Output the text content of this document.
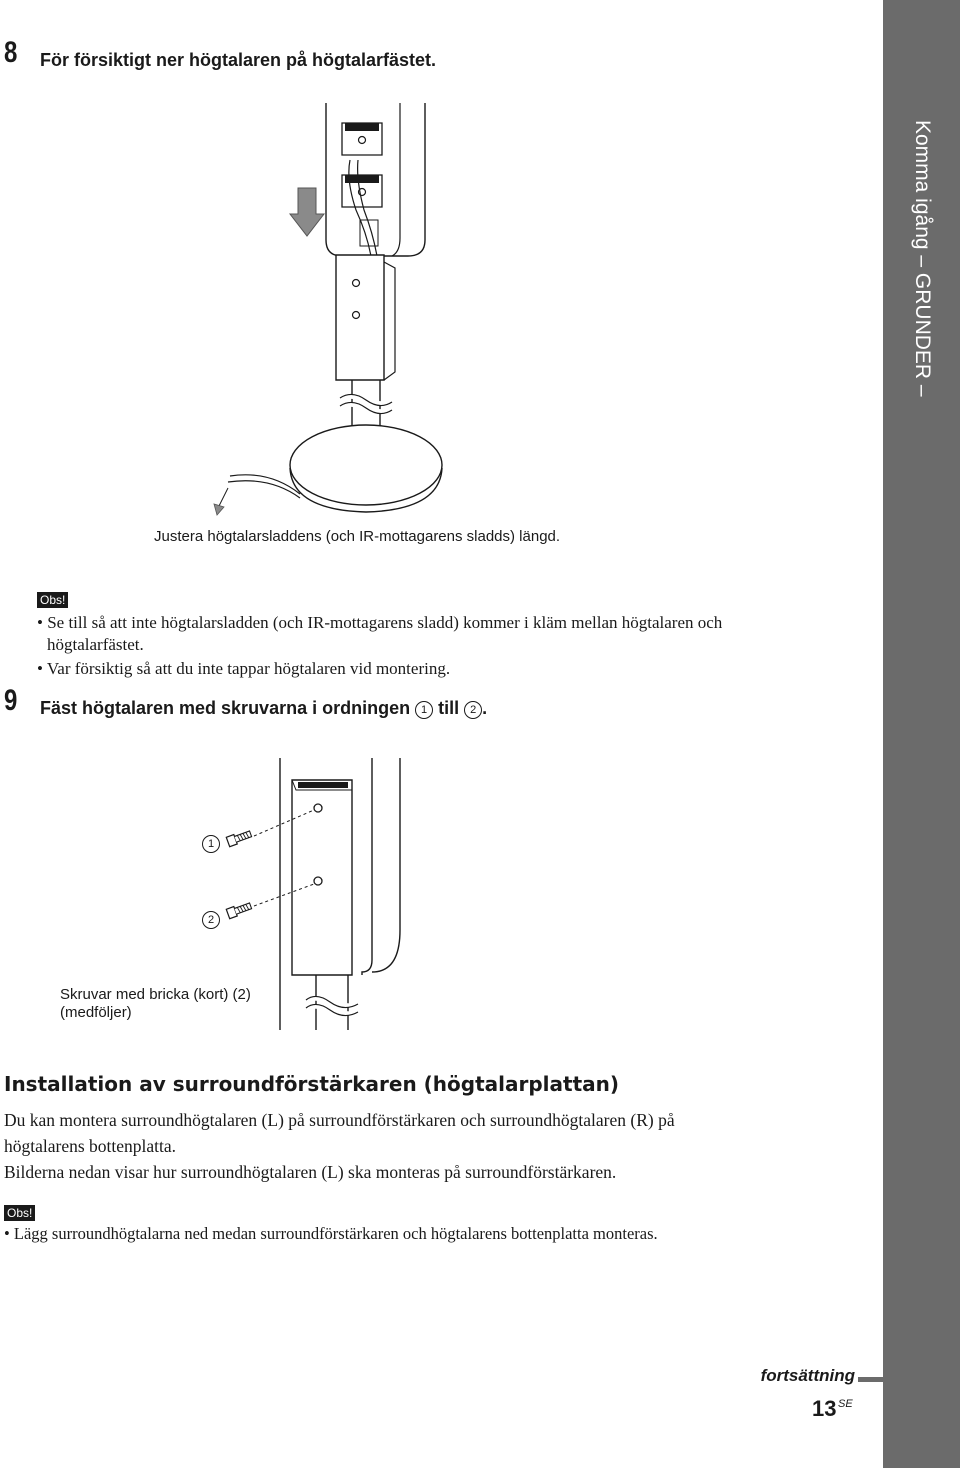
Komma igång – GRUNDER –
8 För försiktigt ner högtalaren på högtalarfästet.
Justera högtalarsladdens (och IR-mottagarens sladds) längd.
Obs!
• Se till så att inte högtalarsladden (och IR-mottagarens sladd) kommer i kläm mellan högtalaren och
högtalarfästet.
• Var försiktig så att du inte tappar högtalaren vid montering.
9 Fäst högtalaren med skruvarna i ordningen 1 till 2 .
1
2
Skruvar med bricka (kort) (2)
(medföljer)
Installation av surroundförstärkaren (högtalarplattan)
Du kan montera surroundhögtalaren (L) på surroundförstärkaren och surroundhögtalaren (R) på
högtalarens bottenplatta.
Bilderna nedan visar hur surroundhögtalaren (L) ska monteras på surroundförstärkaren.
Obs!
• Lägg surroundhögtalarna ned medan surroundförstärkaren och högtalarens bottenplatta monteras.
fortsättning
13 SE
